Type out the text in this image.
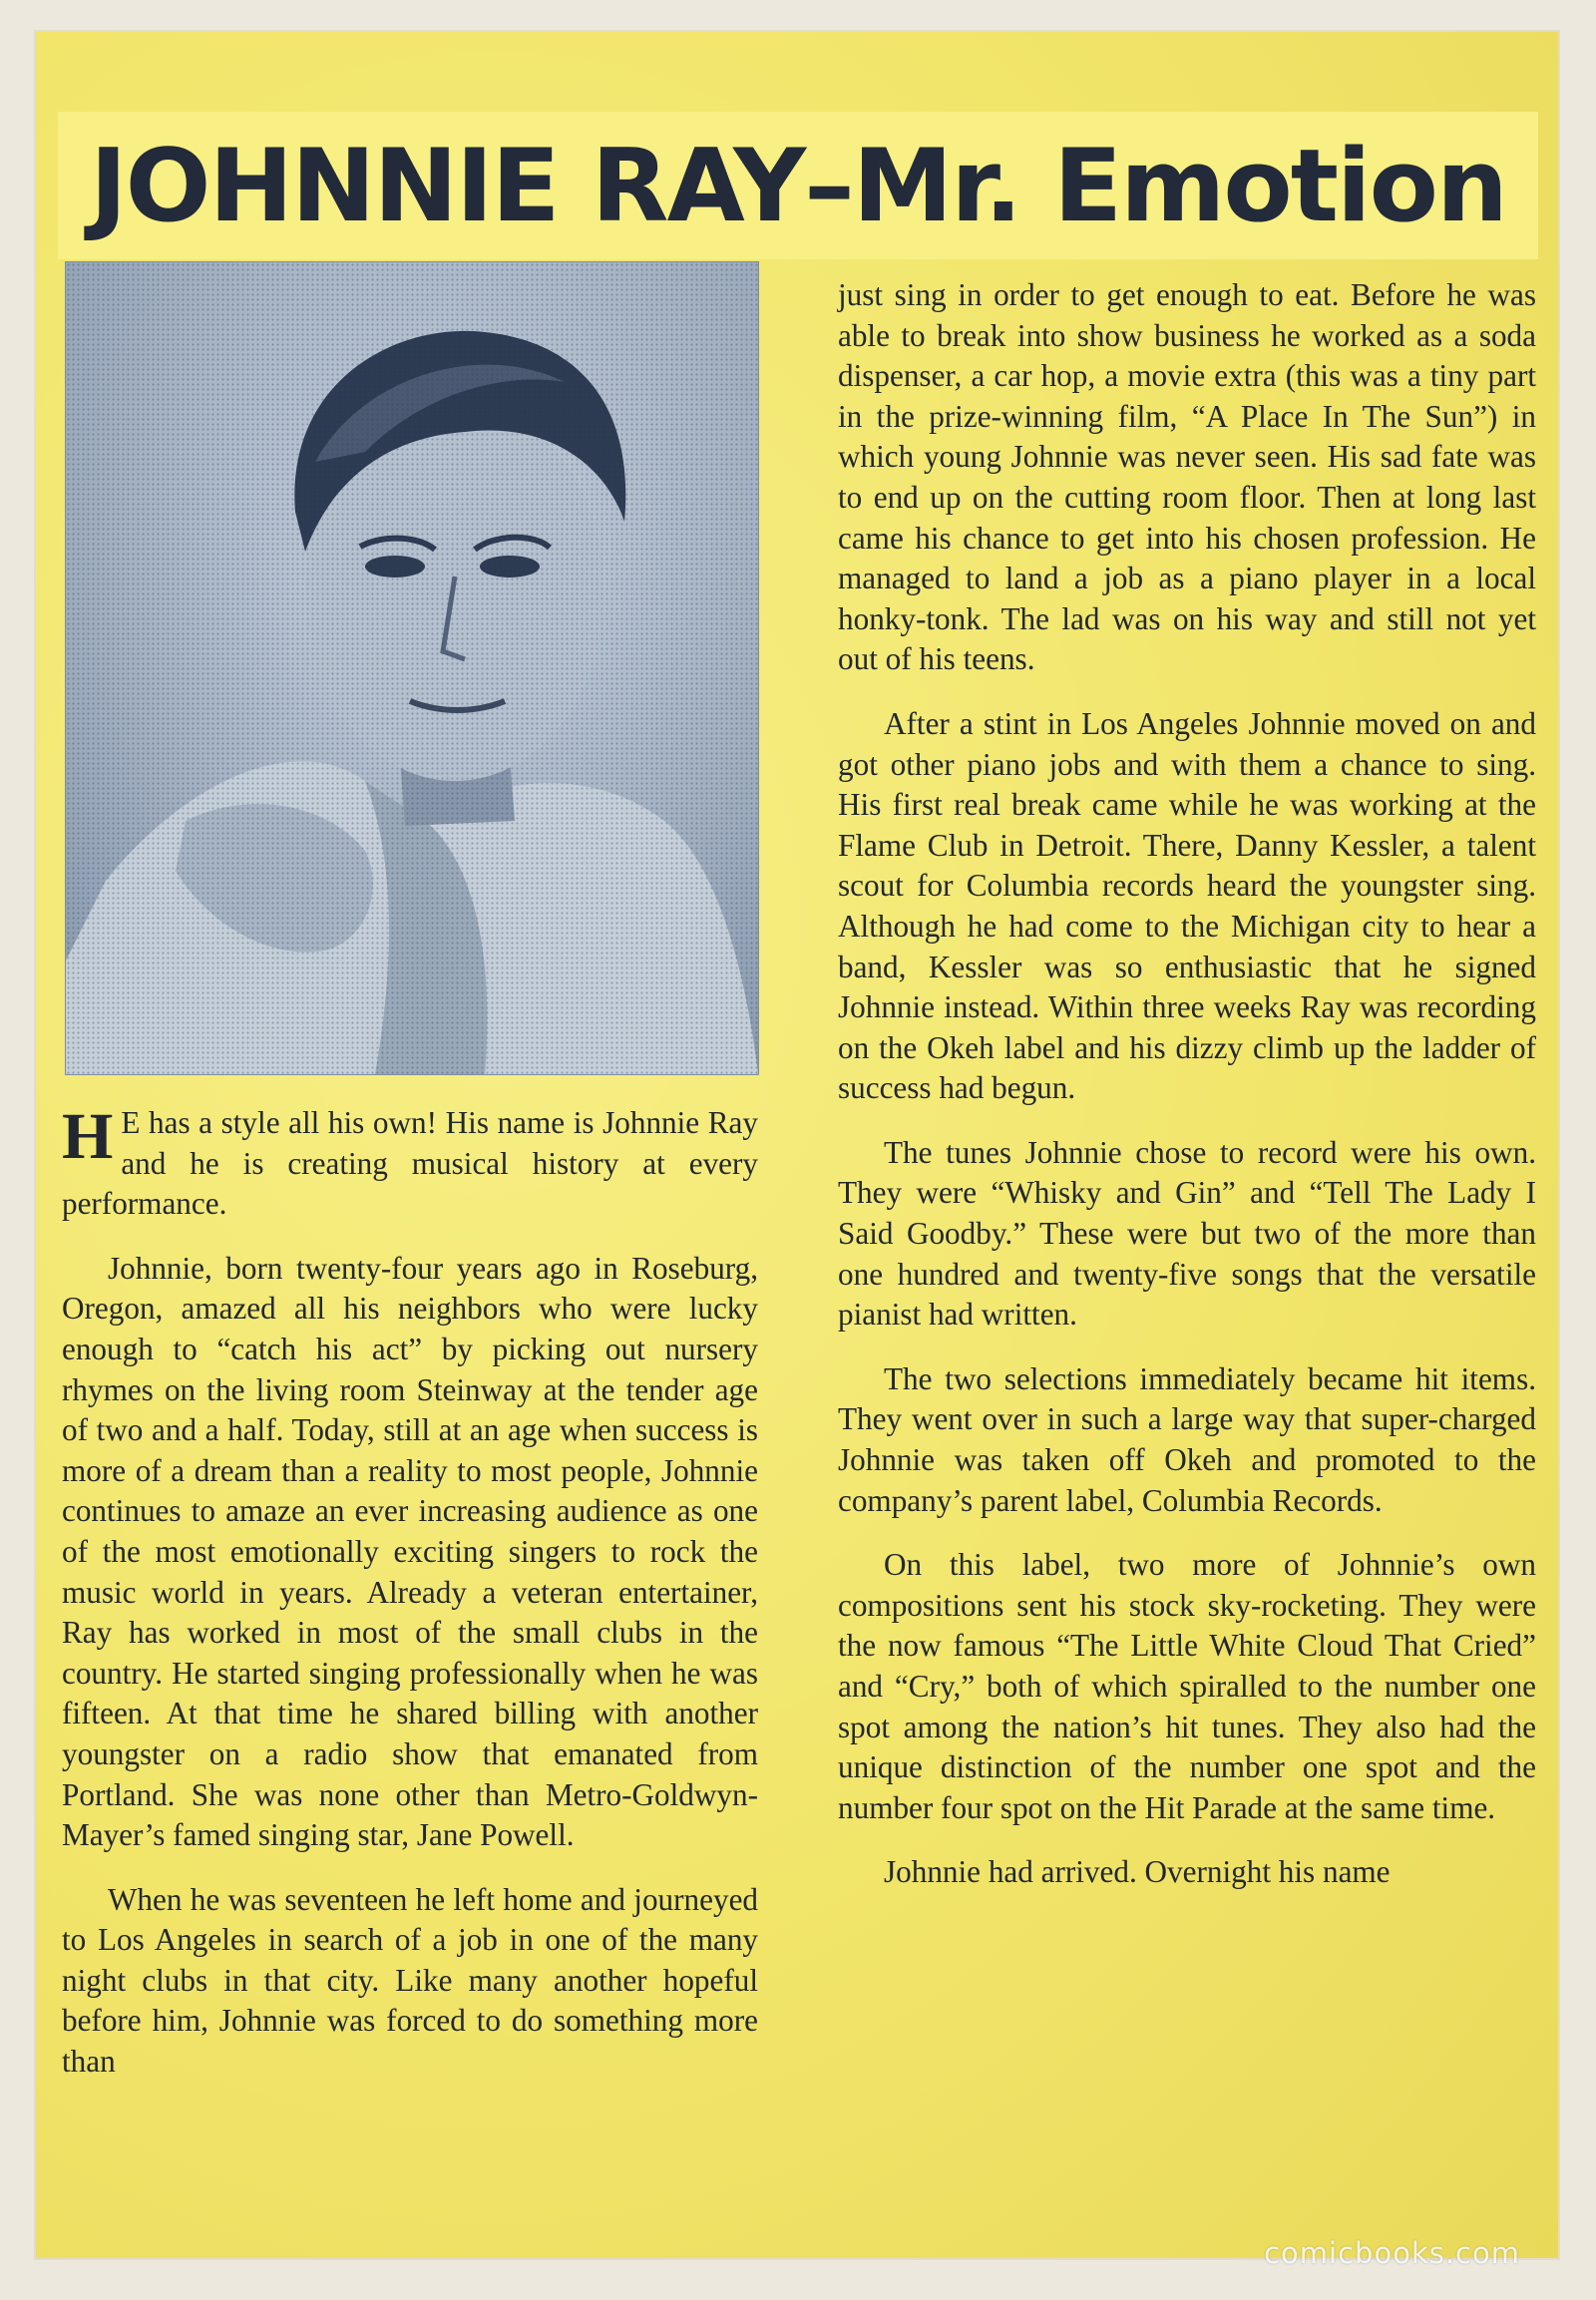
JOHNNIE RAY–Mr. Emotion

H E has a style all his own! His name is Johnnie Ray and he is creating musical history at every performance.

Johnnie, born twenty-four years ago in Roseburg, Oregon, amazed all his neighbors who were lucky enough to “catch his act” by picking out nursery rhymes on the living room Steinway at the tender age of two and a half. Today, still at an age when success is more of a dream than a reality to most people, Johnnie continues to amaze an ever increasing audience as one of the most emotionally exciting singers to rock the music world in years. Already a veteran entertainer, Ray has worked in most of the small clubs in the country. He started singing professionally when he was fifteen. At that time he shared billing with another youngster on a radio show that emanated from Portland. She was none other than Metro-Goldwyn-Mayer’s famed singing star, Jane Powell.

When he was seventeen he left home and journeyed to Los Angeles in search of a job in one of the many night clubs in that city. Like many another hopeful before him, Johnnie was forced to do something more than

just sing in order to get enough to eat. Before he was able to break into show business he worked as a soda dispenser, a car hop, a movie extra (this was a tiny part in the prize-winning film, “A Place In The Sun”) in which young Johnnie was never seen. His sad fate was to end up on the cutting room floor. Then at long last came his chance to get into his chosen profession. He managed to land a job as a piano player in a local honky-tonk. The lad was on his way and still not yet out of his teens.

After a stint in Los Angeles Johnnie moved on and got other piano jobs and with them a chance to sing. His first real break came while he was working at the Flame Club in Detroit. There, Danny Kessler, a talent scout for Columbia records heard the youngster sing. Although he had come to the Michigan city to hear a band, Kessler was so enthusiastic that he signed Johnnie instead. Within three weeks Ray was recording on the Okeh label and his dizzy climb up the ladder of success had begun.

The tunes Johnnie chose to record were his own. They were “Whisky and Gin” and “Tell The Lady I Said Goodby.” These were but two of the more than one hundred and twenty-five songs that the versatile pianist had written.

The two selections immediately became hit items. They went over in such a large way that super-charged Johnnie was taken off Okeh and promoted to the company’s parent label, Columbia Records.

On this label, two more of Johnnie’s own compositions sent his stock sky-rocketing. They were the now famous “The Little White Cloud That Cried” and “Cry,” both of which spiralled to the number one spot among the nation’s hit tunes. They also had the unique distinction of the number one spot and the number four spot on the Hit Parade at the same time.

Johnnie had arrived. Overnight his name

comicbooks.com
